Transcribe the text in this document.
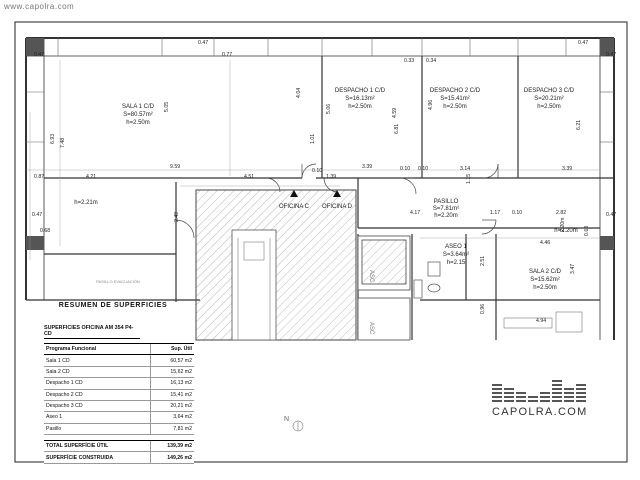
www.capolra.com
SALA 1 C/D
S=80.57m²
h=2.50m
DESPACHO 1 C/D
S=16.13m²
h=2.50m
DESPACHO 2 C/D
S=15.41m²
h=2.50m
DESPACHO 3 C/D
S=20.21m²
h=2.50m
PASILLO
S=7.81m²
h=2.20m
ASEO 1
S=3.64m²
h=2.15
SALA 2 C/D
S=15.62m²
h=2.50m
OFICINA C OFICINA D
h=2.21m
h=2.20m
ASC
ASC
PASILLO EVACUACIÓN
0.47
0.47
0.77
0.33 0.34
0.47
0.47
4.04
5.05	5.06	4.59
4.96
6.21
6.93 7.48
6.81
0.87	4.21
9.59
4.51
0.10	0.10
3.39	0.10	3.14	3.39
1.39
1.01
0.47
0.68
2.49	4.17	1.17 0.10	2.82	0.47
4.46
2.20m	0.63
1.15
2.51
3.47
0.96
4.94
RESUMEN DE SUPERFICIES
SUPERFICIES OFICINA AM 354 P4-CD
Programa Funcional	Sup. Útil
Sala 1 CD	60,57 m2
Sala 2 CD	15,62 m2
Despacho 1 CD	16,13 m2
Despacho 2 CD	15,41 m2
Despacho 3 CD	20,21 m2
Aseo 1	3,64 m2
Pasillo	7,81 m2

TOTAL SUPERFÍCIE ÚTIL	139,39 m2
SUPERFÍCIE CONSTRUIDA	149,26 m2
CAPOLRA.COM
N
